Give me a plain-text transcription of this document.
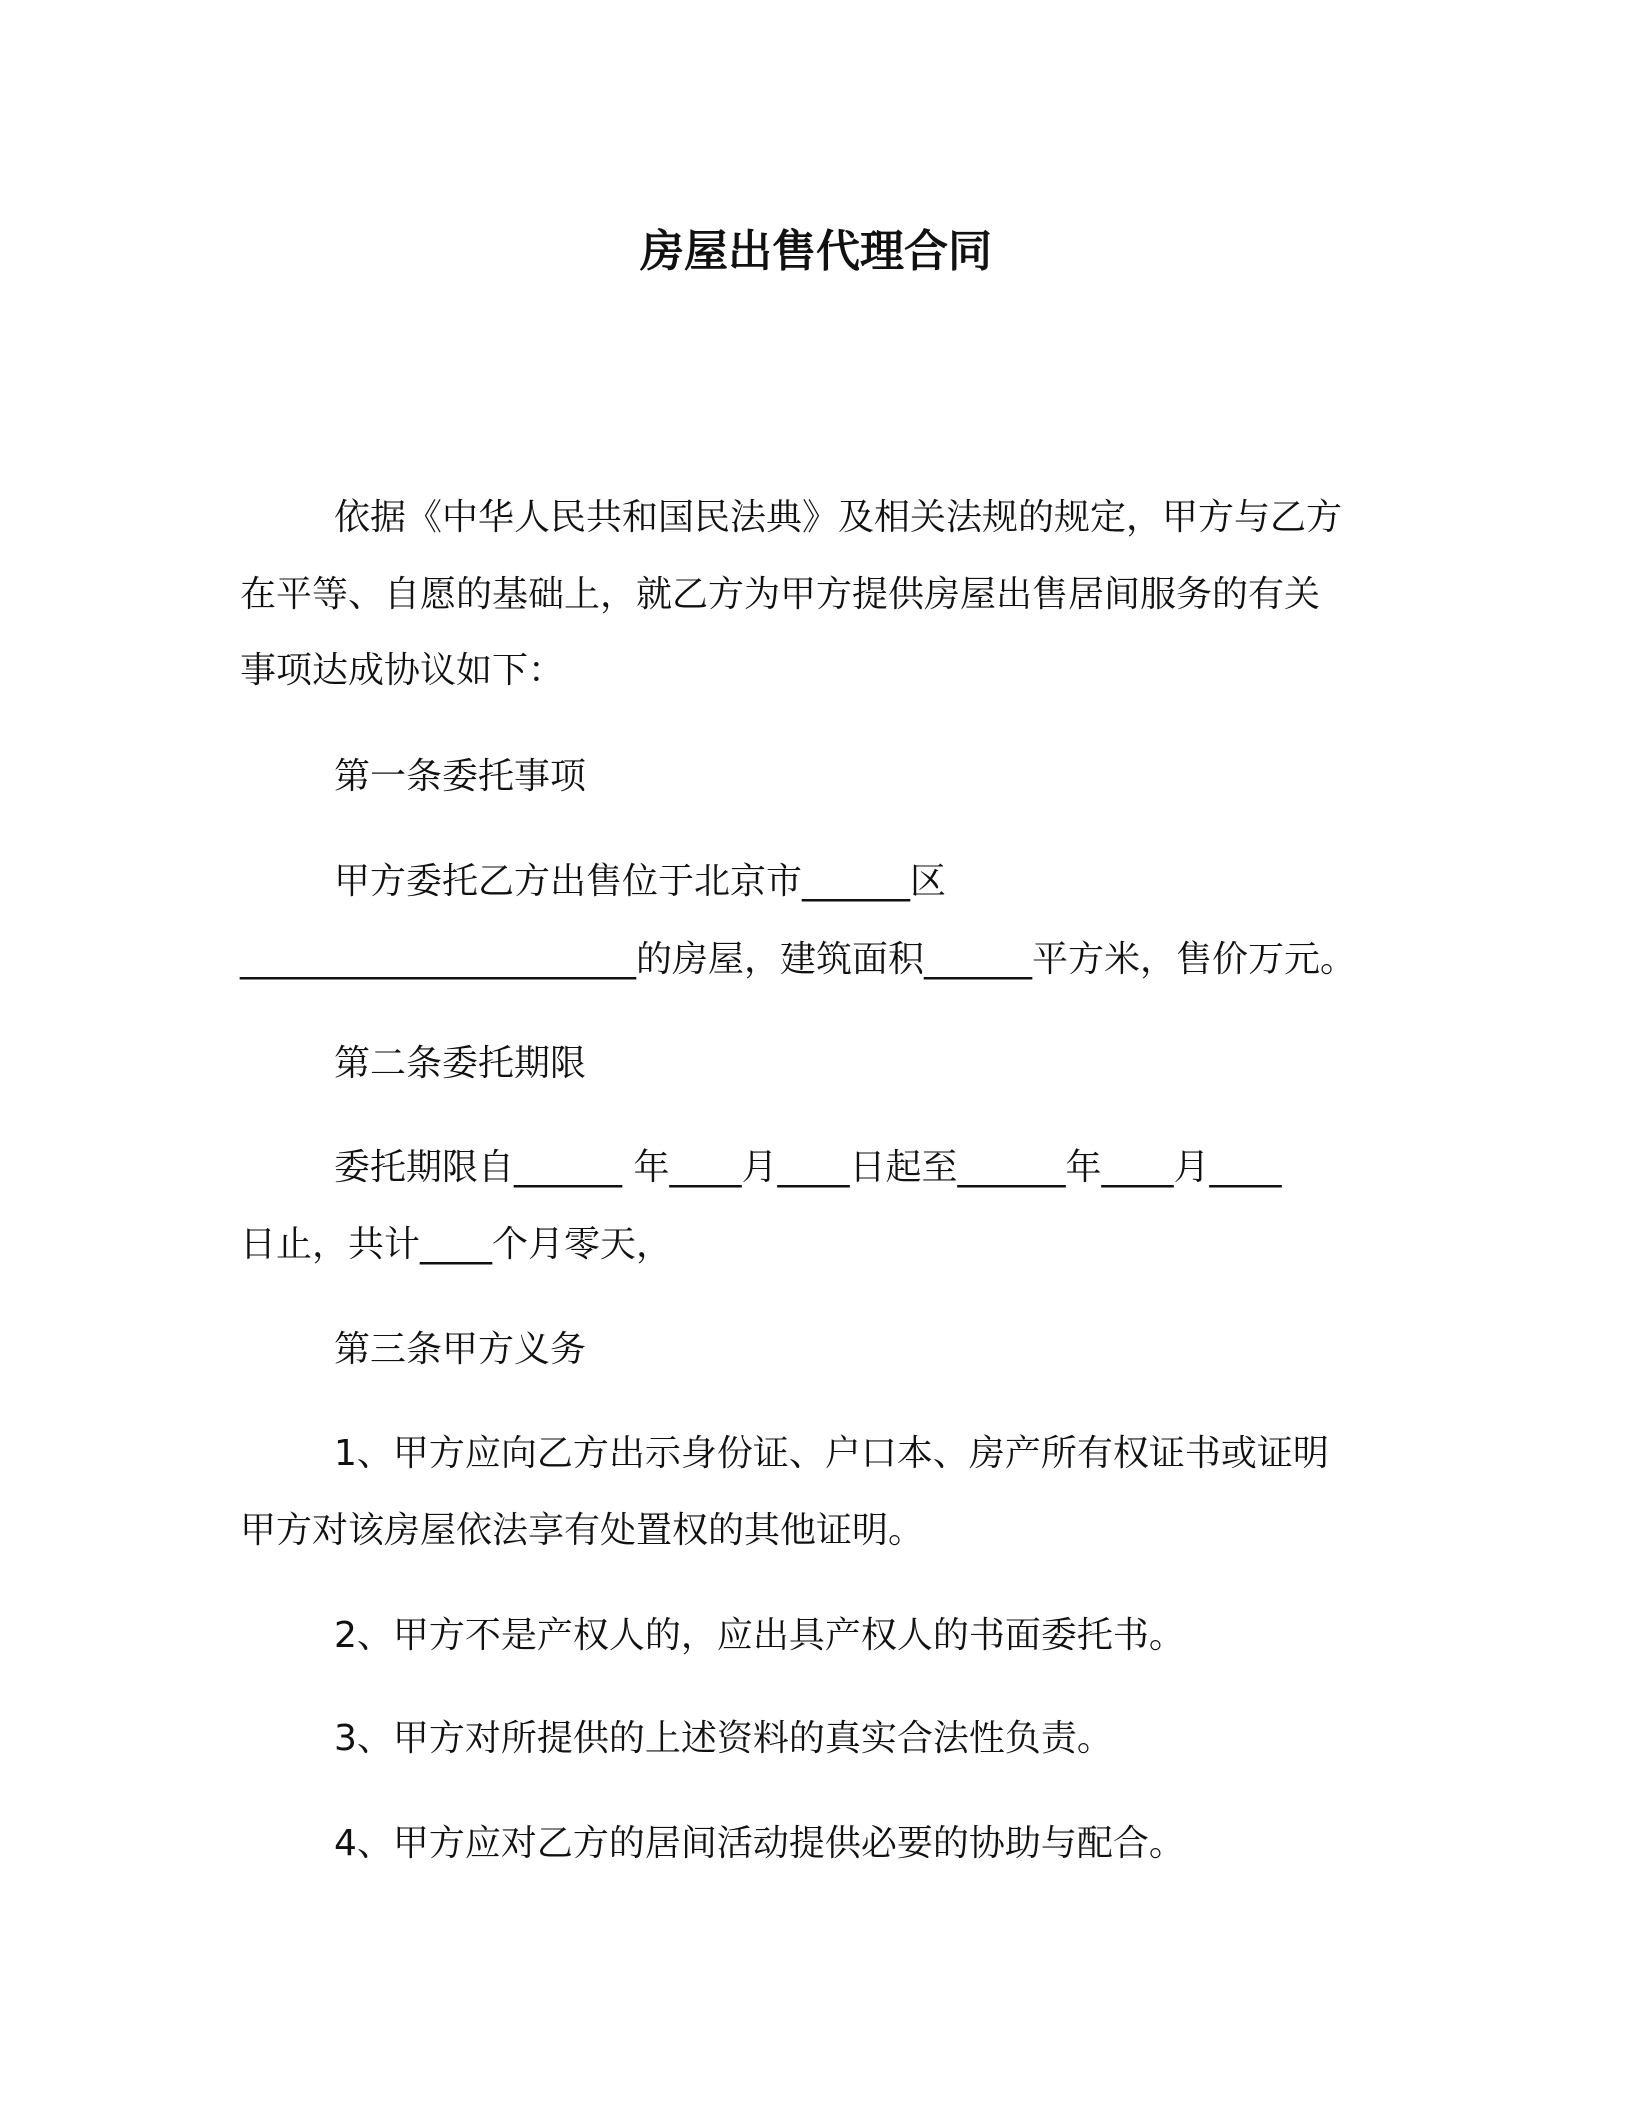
房屋出售代理合同
依据《中华人民共和国民法典》及相关法规的规定，甲方与乙方
在平等、自愿的基础上，就乙方为甲方提供房屋出售居间服务的有关
事项达成协议如下：
第一条委托事项
甲方委托乙方出售位于北京市______区
______________________的房屋，建筑面积______平方米，售价万元。
第二条委托期限
委托期限自______ 年____月____日起至______年____月____
日止，共计____个月零天，
第三条甲方义务
1、甲方应向乙方出示身份证、户口本、房产所有权证书或证明
甲方对该房屋依法享有处置权的其他证明。
2、甲方不是产权人的，应出具产权人的书面委托书。
3、甲方对所提供的上述资料的真实合法性负责。
4、甲方应对乙方的居间活动提供必要的协助与配合。
